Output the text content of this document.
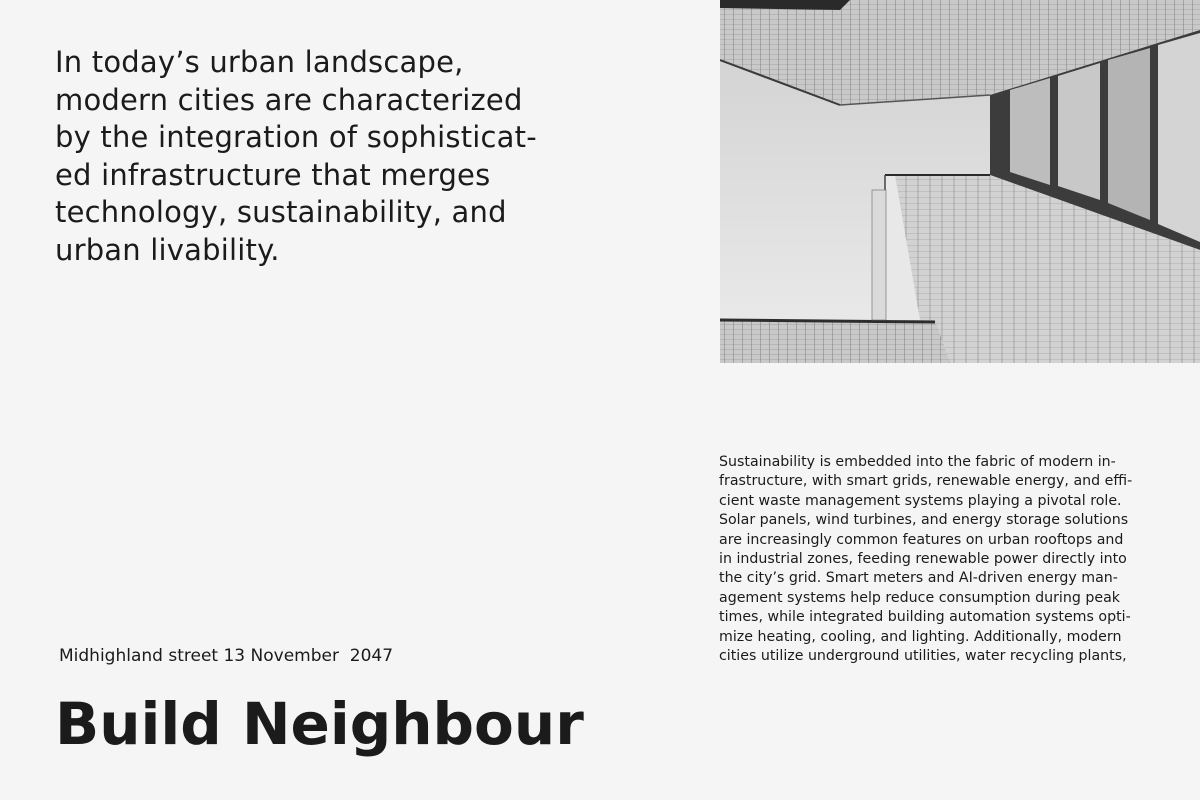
In today’s urban landscape,
modern cities are characterized
by the integration of sophisticat-
ed infrastructure that merges
technology, sustainability, and
urban livability.

Sustainability is embedded into the fabric of modern in-
frastructure, with smart grids, renewable energy, and effi-
cient waste management systems playing a pivotal role.
Solar panels, wind turbines, and energy storage solutions
are increasingly common features on urban rooftops and
in industrial zones, feeding renewable power directly into
the city’s grid. Smart meters and AI-driven energy man-
agement systems help reduce consumption during peak
times, while integrated building automation systems opti-
mize heating, cooling, and lighting. Additionally, modern
cities utilize underground utilities, water recycling plants,

Midhighland street 13 November  2047
Build Neighbour
